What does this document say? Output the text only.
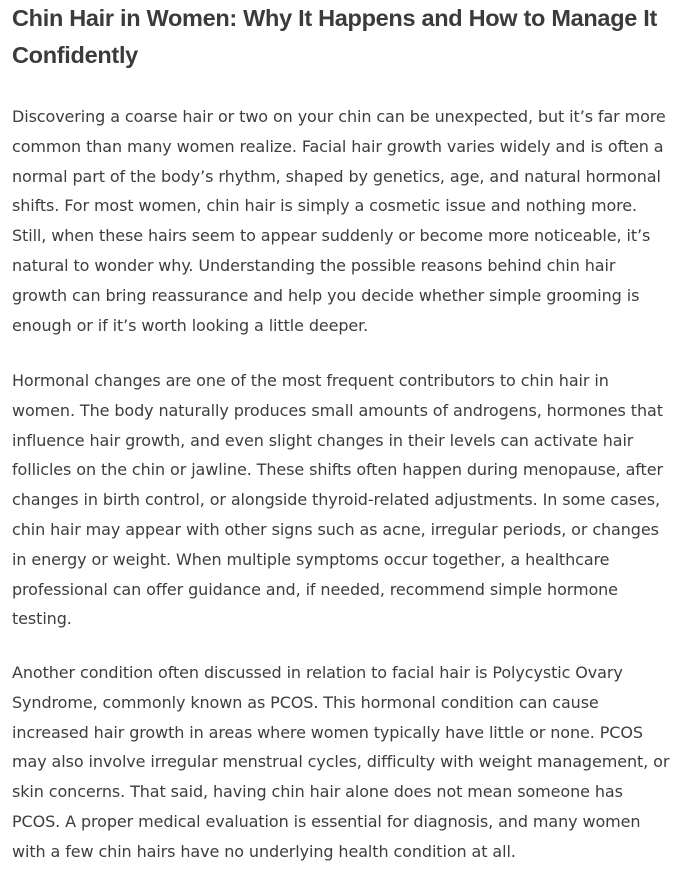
Chin Hair in Women: Why It Happens and How to Manage It Confidently

Discovering a coarse hair or two on your chin can be unexpected, but it’s far more common than many women realize. Facial hair growth varies widely and is often a normal part of the body’s rhythm, shaped by genetics, age, and natural hormonal shifts. For most women, chin hair is simply a cosmetic issue and nothing more. Still, when these hairs seem to appear suddenly or become more noticeable, it’s natural to wonder why. Understanding the possible reasons behind chin hair growth can bring reassurance and help you decide whether simple grooming is enough or if it’s worth looking a little deeper.

Hormonal changes are one of the most frequent contributors to chin hair in women. The body naturally produces small amounts of androgens, hormones that influence hair growth, and even slight changes in their levels can activate hair follicles on the chin or jawline. These shifts often happen during menopause, after changes in birth control, or alongside thyroid-related adjustments. In some cases, chin hair may appear with other signs such as acne, irregular periods, or changes in energy or weight. When multiple symptoms occur together, a healthcare professional can offer guidance and, if needed, recommend simple hormone testing.

Another condition often discussed in relation to facial hair is Polycystic Ovary Syndrome, commonly known as PCOS. This hormonal condition can cause increased hair growth in areas where women typically have little or none. PCOS may also involve irregular menstrual cycles, difficulty with weight management, or skin concerns. That said, having chin hair alone does not mean someone has PCOS. A proper medical evaluation is essential for diagnosis, and many women with a few chin hairs have no underlying health condition at all.
